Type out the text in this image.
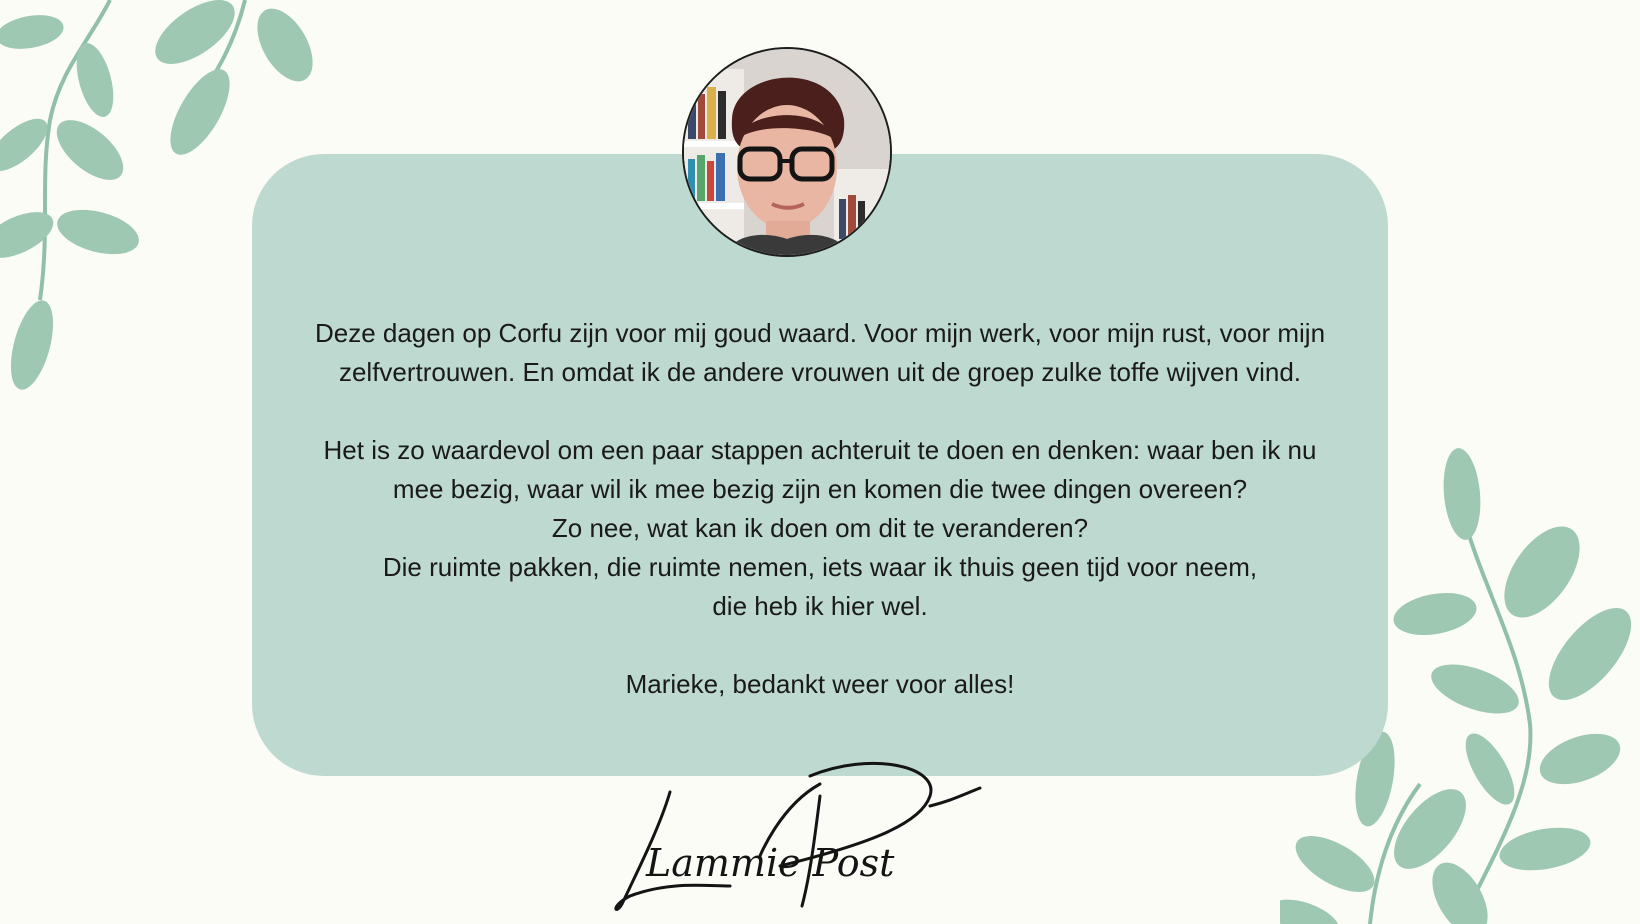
Deze dagen op Corfu zijn voor mij goud waard. Voor mijn werk, voor mijn rust, voor mijn

zelfvertrouwen. En omdat ik de andere vrouwen uit de groep zulke toffe wijven vind.

Het is zo waardevol om een paar stappen achteruit te doen en denken: waar ben ik nu

mee bezig, waar wil ik mee bezig zijn en komen die twee dingen overeen?

Zo nee, wat kan ik doen om dit te veranderen?

Die ruimte pakken, die ruimte nemen, iets waar ik thuis geen tijd voor neem,

die heb ik hier wel.

Marieke, bedankt weer voor alles!

Lammie Post
